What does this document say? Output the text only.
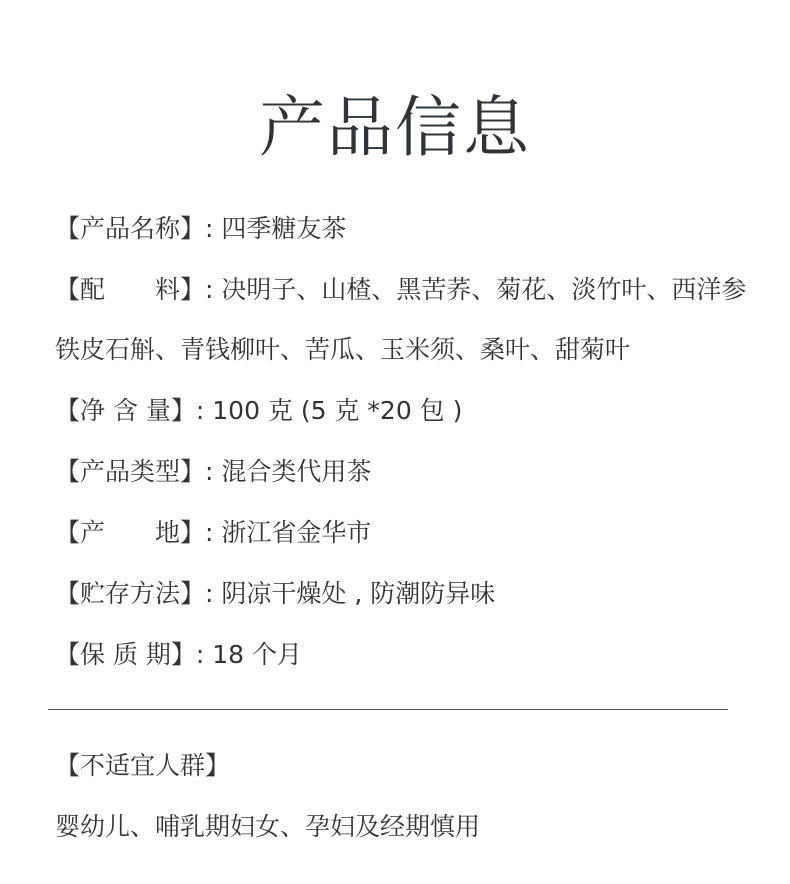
产品信息
【产品名称】: 四季糖友茶
【配　　料】: 决明子、山楂、黑苦荞、菊花、淡竹叶、西洋参
铁皮石斛、青钱柳叶、苦瓜、玉米须、桑叶、甜菊叶
【净 含 量】: 100 克 (5 克 *20 包 )
【产品类型】: 混合类代用茶
【产　　地】: 浙江省金华市
【贮存方法】: 阴凉干燥处 , 防潮防异味
【保 质 期】: 18 个月
【不适宜人群】
婴幼儿、哺乳期妇女、孕妇及经期慎用
